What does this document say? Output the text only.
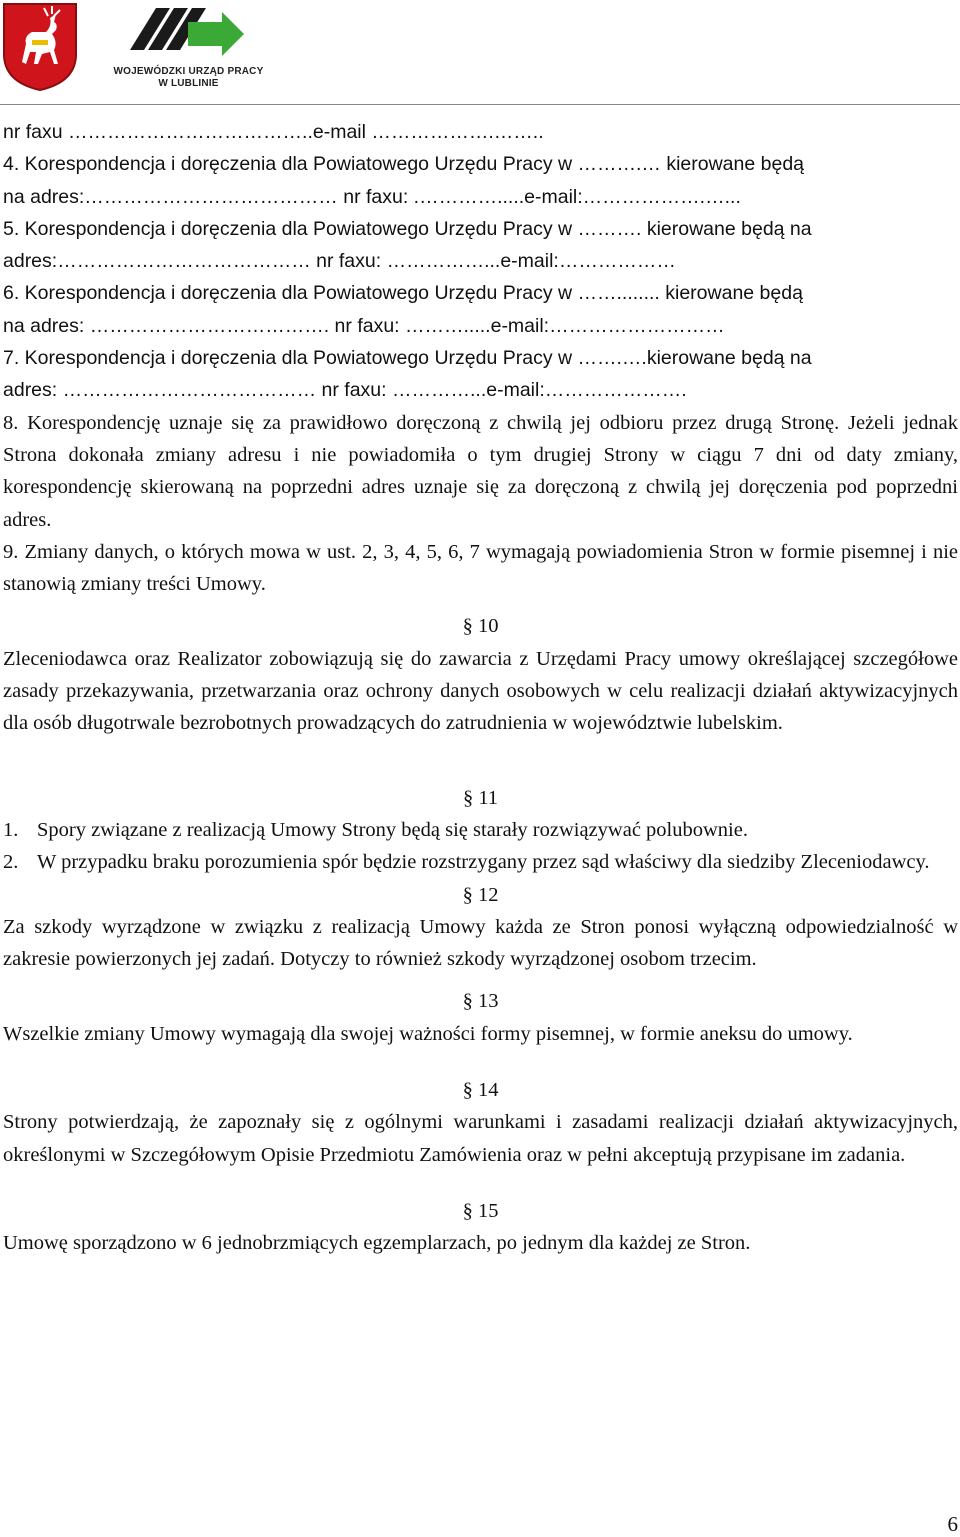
WOJEWÓDZKI URZĄD PRACY
W LUBLINIE

nr faxu ………………………………..e-mail ……………….……..

4. Korespondencja i doręczenia dla Powiatowego Urzędu Pracy w ……….… kierowane będą

na adres:………………………………… nr faxu: .………….....e-mail:……………….…...

5. Korespondencja i doręczenia dla Powiatowego Urzędu Pracy w ………. kierowane będą na

adres:………………………………… nr faxu: ……………...e-mail:………………

6. Korespondencja i doręczenia dla Powiatowego Urzędu Pracy w ……........ kierowane będą

na adres: ………………………………. nr faxu: ……….....e-mail:………………………

7. Korespondencja i doręczenia dla Powiatowego Urzędu Pracy w …….….kierowane będą na

adres: ………………………………… nr faxu: …………...e-mail:………………….

8. Korespondencję uznaje się za prawidłowo doręczoną z chwilą jej odbioru przez drugą Stronę. Jeżeli jednak Strona dokonała zmiany adresu i nie powiadomiła o tym drugiej Strony w ciągu 7 dni od daty zmiany, korespondencję skierowaną na poprzedni adres uznaje się za doręczoną z chwilą jej doręczenia pod poprzedni adres.

9. Zmiany danych, o których mowa w ust. 2, 3, 4, 5, 6, 7 wymagają powiadomienia Stron w formie pisemnej i nie stanowią zmiany treści Umowy.

§ 10

Zleceniodawca oraz Realizator zobowiązują się do zawarcia z Urzędami Pracy umowy określającej szczegółowe zasady przekazywania, przetwarzania oraz ochrony danych osobowych w celu realizacji działań aktywizacyjnych dla osób długotrwale bezrobotnych prowadzących do zatrudnienia w województwie lubelskim.

§ 11

1. Spory związane z realizacją Umowy Strony będą się starały rozwiązywać polubownie.
2. W przypadku braku porozumienia spór będzie rozstrzygany przez sąd właściwy dla siedziby Zleceniodawcy.

§ 12

Za szkody wyrządzone w związku z realizacją Umowy każda ze Stron ponosi wyłączną odpowiedzialność w zakresie powierzonych jej zadań. Dotyczy to również szkody wyrządzonej osobom trzecim.

§ 13

Wszelkie zmiany Umowy wymagają dla swojej ważności formy pisemnej, w formie aneksu do umowy.

§ 14

Strony potwierdzają, że zapoznały się z ogólnymi warunkami i zasadami realizacji działań aktywizacyjnych, określonymi w Szczegółowym Opisie Przedmiotu Zamówienia oraz w pełni akceptują przypisane im zadania.

§ 15

Umowę sporządzono w 6 jednobrzmiących egzemplarzach, po jednym dla każdej ze Stron.

6
